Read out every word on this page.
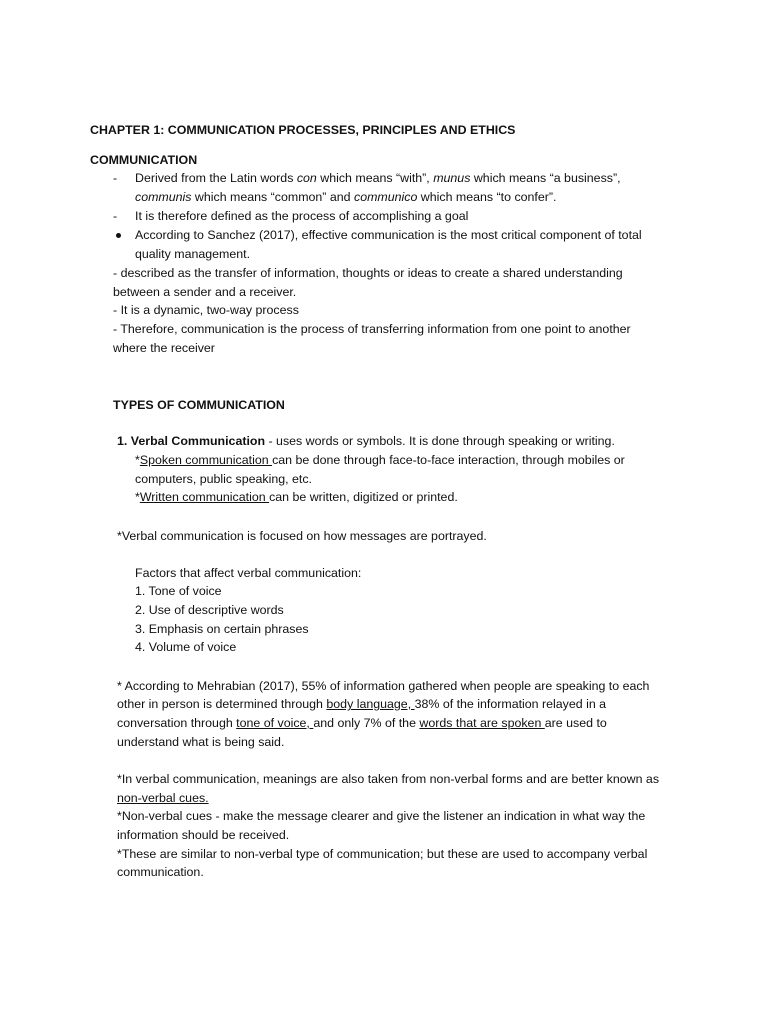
CHAPTER 1: COMMUNICATION PROCESSES, PRINCIPLES AND ETHICS
COMMUNICATION
- Derived from the Latin words con which means “with”, munus which means “a business”,
communis which means “common” and communico which means “to confer”.
- It is therefore defined as the process of accomplishing a goal
According to Sanchez (2017), effective communication is the most critical component of total
quality management.
- described as the transfer of information, thoughts or ideas to create a shared understanding
between a sender and a receiver.
- It is a dynamic, two-way process
- Therefore, communication is the process of transferring information from one point to another
where the receiver
TYPES OF COMMUNICATION
1. Verbal Communication - uses words or symbols. It is done through speaking or writing.
*Spoken communication can be done through face-to-face interaction, through mobiles or
computers, public speaking, etc.
*Written communication can be written, digitized or printed.
*Verbal communication is focused on how messages are portrayed.
Factors that affect verbal communication:
1. Tone of voice
2. Use of descriptive words
3. Emphasis on certain phrases
4. Volume of voice
* According to Mehrabian (2017), 55% of information gathered when people are speaking to each
other in person is determined through body language, 38% of the information relayed in a
conversation through tone of voice, and only 7% of the words that are spoken are used to
understand what is being said.
*In verbal communication, meanings are also taken from non-verbal forms and are better known as
non-verbal cues.
*Non-verbal cues - make the message clearer and give the listener an indication in what way the
information should be received.
*These are similar to non-verbal type of communication; but these are used to accompany verbal
communication.
